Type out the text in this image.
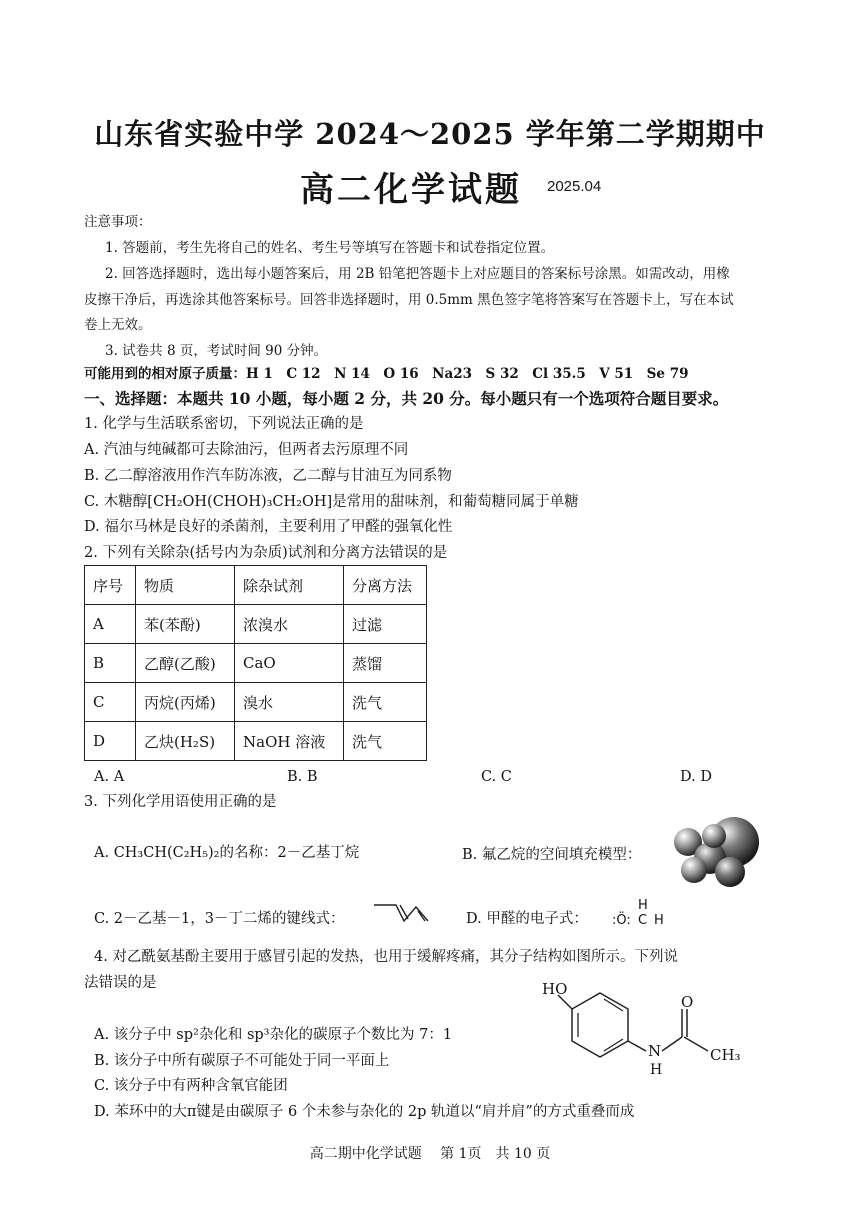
山东省实验中学 2024～2025 学年第二学期期中
高二化学试题 2025.04
注意事项：
1. 答题前，考生先将自己的姓名、考生号等填写在答题卡和试卷指定位置。
2. 回答选择题时，选出每小题答案后，用 2B 铅笔把答题卡上对应题目的答案标号涂黑。如需改动，用橡
皮擦干净后，再选涂其他答案标号。回答非选择题时，用 0.5mm 黑色签字笔将答案写在答题卡上，写在本试
卷上无效。
3. 试卷共 8 页，考试时间 90 分钟。
可能用到的相对原子质量：H 1　C 12　N 14　O 16　Na23　S 32　Cl 35.5　V 51　Se 79
一、选择题：本题共 10 小题，每小题 2 分，共 20 分。每小题只有一个选项符合题目要求。
1. 化学与生活联系密切，下列说法正确的是
A. 汽油与纯碱都可去除油污，但两者去污原理不同
B. 乙二醇溶液用作汽车防冻液，乙二醇与甘油互为同系物
C. 木糖醇[CH₂OH(CHOH)₃CH₂OH]是常用的甜味剂，和葡萄糖同属于单糖
D. 福尔马林是良好的杀菌剂，主要利用了甲醛的强氧化性
2. 下列有关除杂(括号内为杂质)试剂和分离方法错误的是
序号	物质	除杂试剂	分离方法
A	苯(苯酚)	浓溴水	过滤
B	乙醇(乙酸)	CaO	蒸馏
C	丙烷(丙烯)	溴水	洗气
D	乙炔(H₂S)	NaOH 溶液	洗气
A. A	B. B	C. C	D. D
3. 下列化学用语使用正确的是
A. CH₃CH(C₂H₅)₂的名称：2－乙基丁烷	B. 氟乙烷的空间填充模型：
C. 2－乙基－1，3－丁二烯的键线式：	D. 甲醛的电子式：
H
:Ö: C H
4. 对乙酰氨基酚主要用于感冒引起的发热，也用于缓解疼痛，其分子结构如图所示。下列说
法错误的是	HO
O
N
H
CH₃
A. 该分子中 sp²杂化和 sp³杂化的碳原子个数比为 7：1
B. 该分子中所有碳原子不可能处于同一平面上
C. 该分子中有两种含氧官能团
D. 苯环中的大π键是由碳原子 6 个未参与杂化的 2p 轨道以“肩并肩”的方式重叠而成
高二期中化学试题　 第 1页　共 10 页
